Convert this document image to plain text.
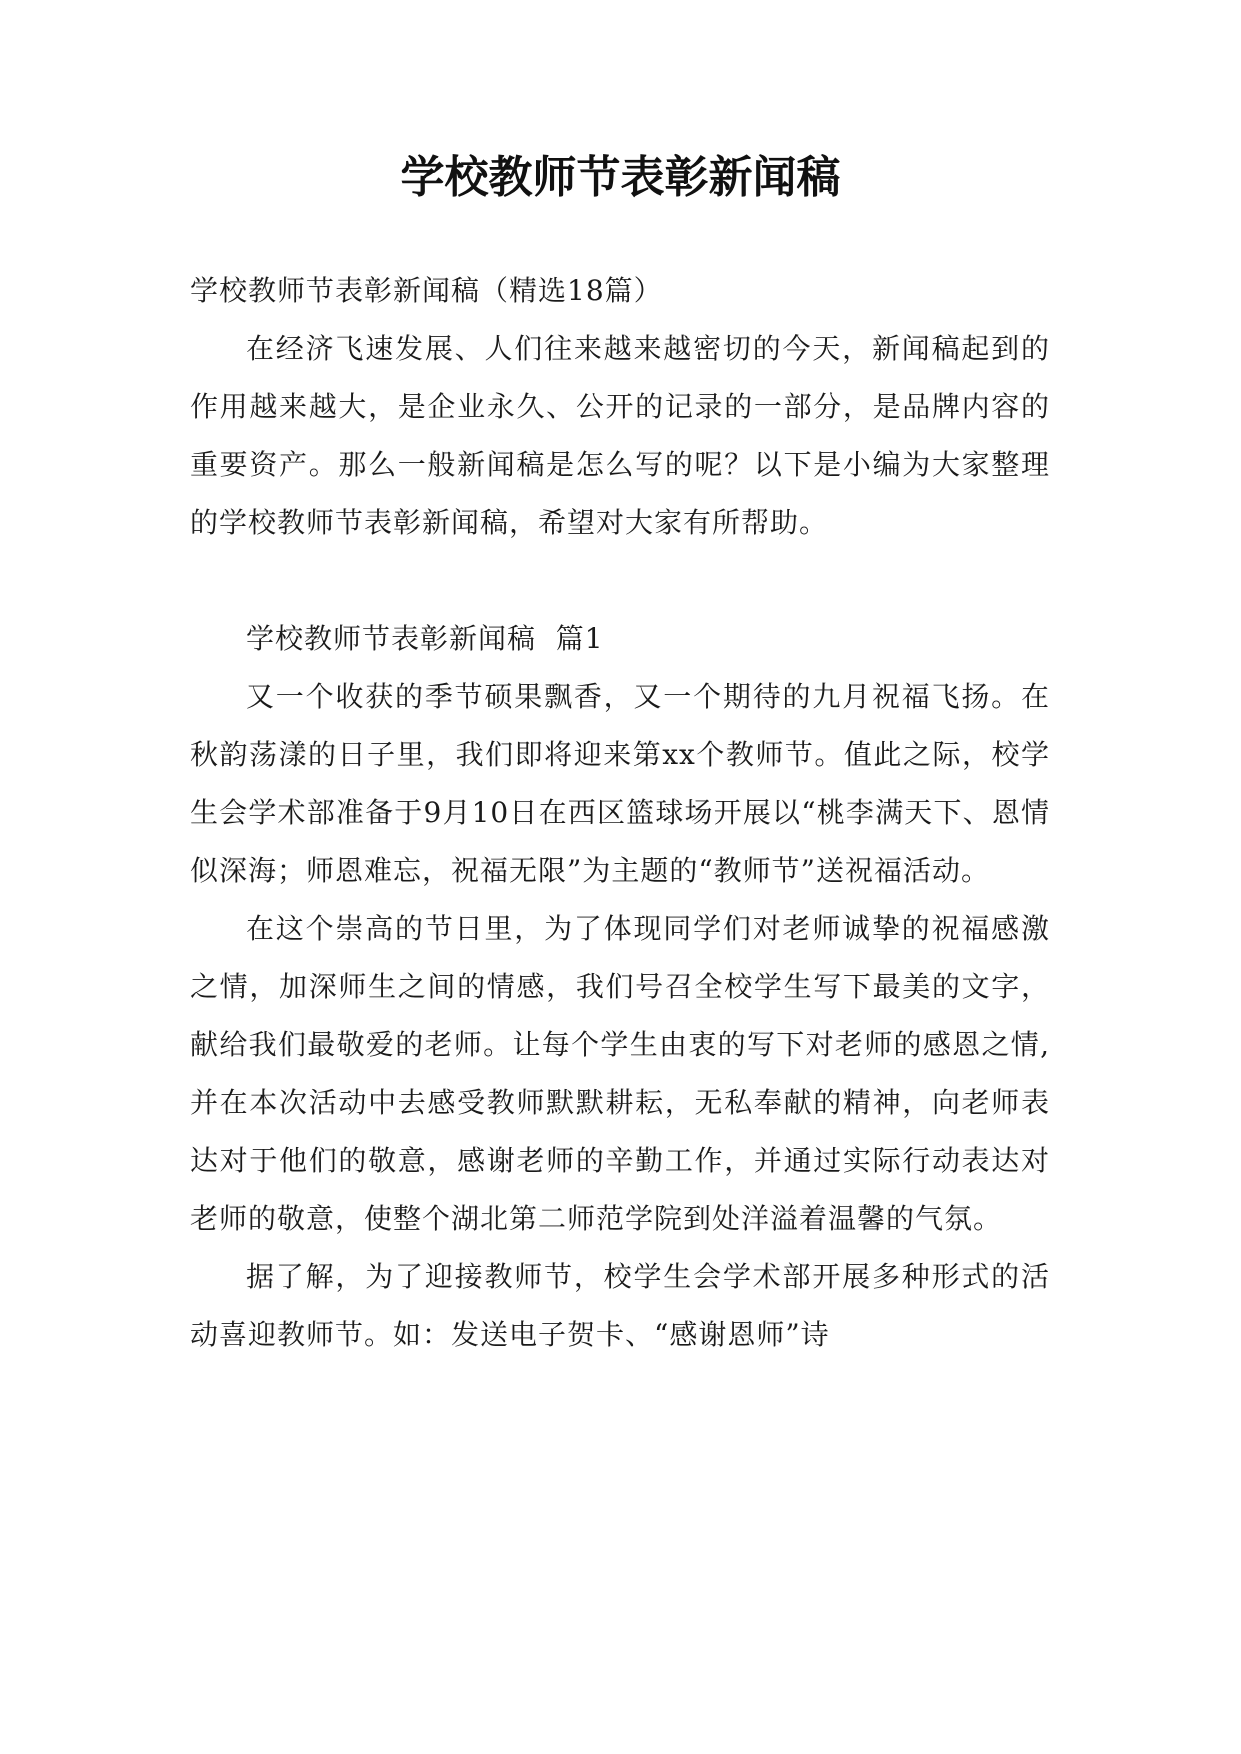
学校教师节表彰新闻稿

学校教师节表彰新闻稿（精选18篇）

在经济飞速发展、人们往来越来越密切的今天，新闻稿起到的作用越来越大，是企业永久、公开的记录的一部分，是品牌内容的重要资产。那么一般新闻稿是怎么写的呢？以下是小编为大家整理的学校教师节表彰新闻稿，希望对大家有所帮助。

学校教师节表彰新闻稿  篇1

又一个收获的季节硕果飘香，又一个期待的九月祝福飞扬。在秋韵荡漾的日子里，我们即将迎来第xx个教师节。值此之际，校学生会学术部准备于9月10日在西区篮球场开展以“桃李满天下、恩情似深海；师恩难忘，祝福无限”为主题的“教师节”送祝福活动。

在这个崇高的节日里，为了体现同学们对老师诚挚的祝福感激之情，加深师生之间的情感，我们号召全校学生写下最美的文字，献给我们最敬爱的老师。让每个学生由衷的写下对老师的感恩之情,并在本次活动中去感受教师默默耕耘，无私奉献的精神，向老师表达对于他们的敬意，感谢老师的辛勤工作，并通过实际行动表达对老师的敬意，使整个湖北第二师范学院到处洋溢着温馨的气氛。

据了解，为了迎接教师节，校学生会学术部开展多种形式的活动喜迎教师节。如：发送电子贺卡、“感谢恩师”诗
